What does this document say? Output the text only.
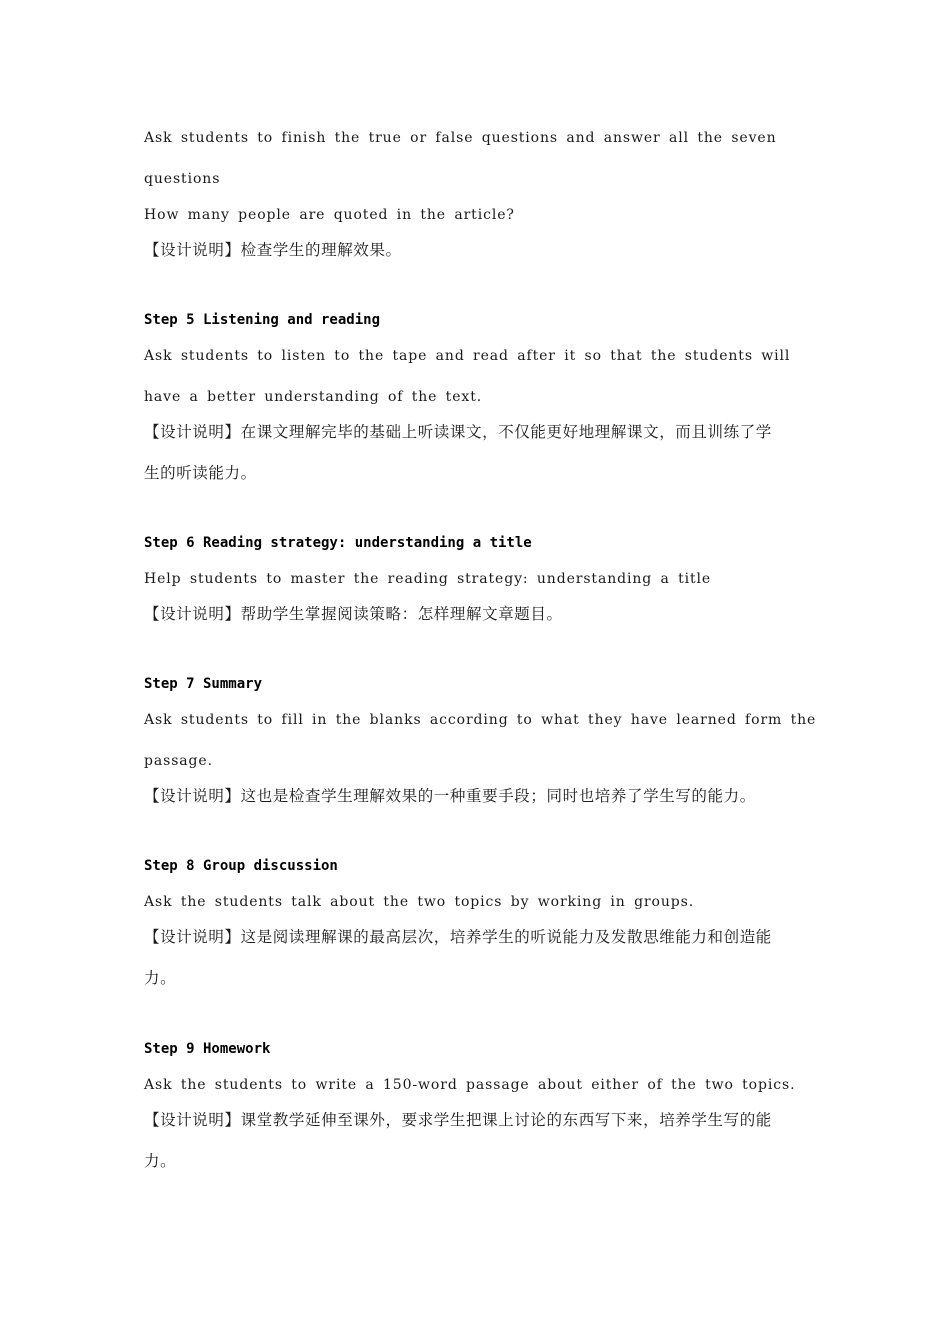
Ask students to finish the true or false questions and answer all the seven
questions
How many people are quoted in the article?
【设计说明】检查学生的理解效果。
Step 5 Listening and reading
Ask students to listen to the tape and read after it so that the students will
have a better understanding of the text.
【设计说明】在课文理解完毕的基础上听读课文，不仅能更好地理解课文，而且训练了学
生的听读能力。
Step 6 Reading strategy: understanding a title
Help students to master the reading strategy: understanding a title
【设计说明】帮助学生掌握阅读策略：怎样理解文章题目。
Step 7 Summary
Ask students to fill in the blanks according to what they have learned form the
passage.
【设计说明】这也是检查学生理解效果的一种重要手段；同时也培养了学生写的能力。
Step 8 Group discussion
Ask the students talk about the two topics by working in groups.
【设计说明】这是阅读理解课的最高层次，培养学生的听说能力及发散思维能力和创造能
力。
Step 9 Homework
Ask the students to write a 150-word passage about either of the two topics.
【设计说明】课堂教学延伸至课外，要求学生把课上讨论的东西写下来，培养学生写的能
力。
